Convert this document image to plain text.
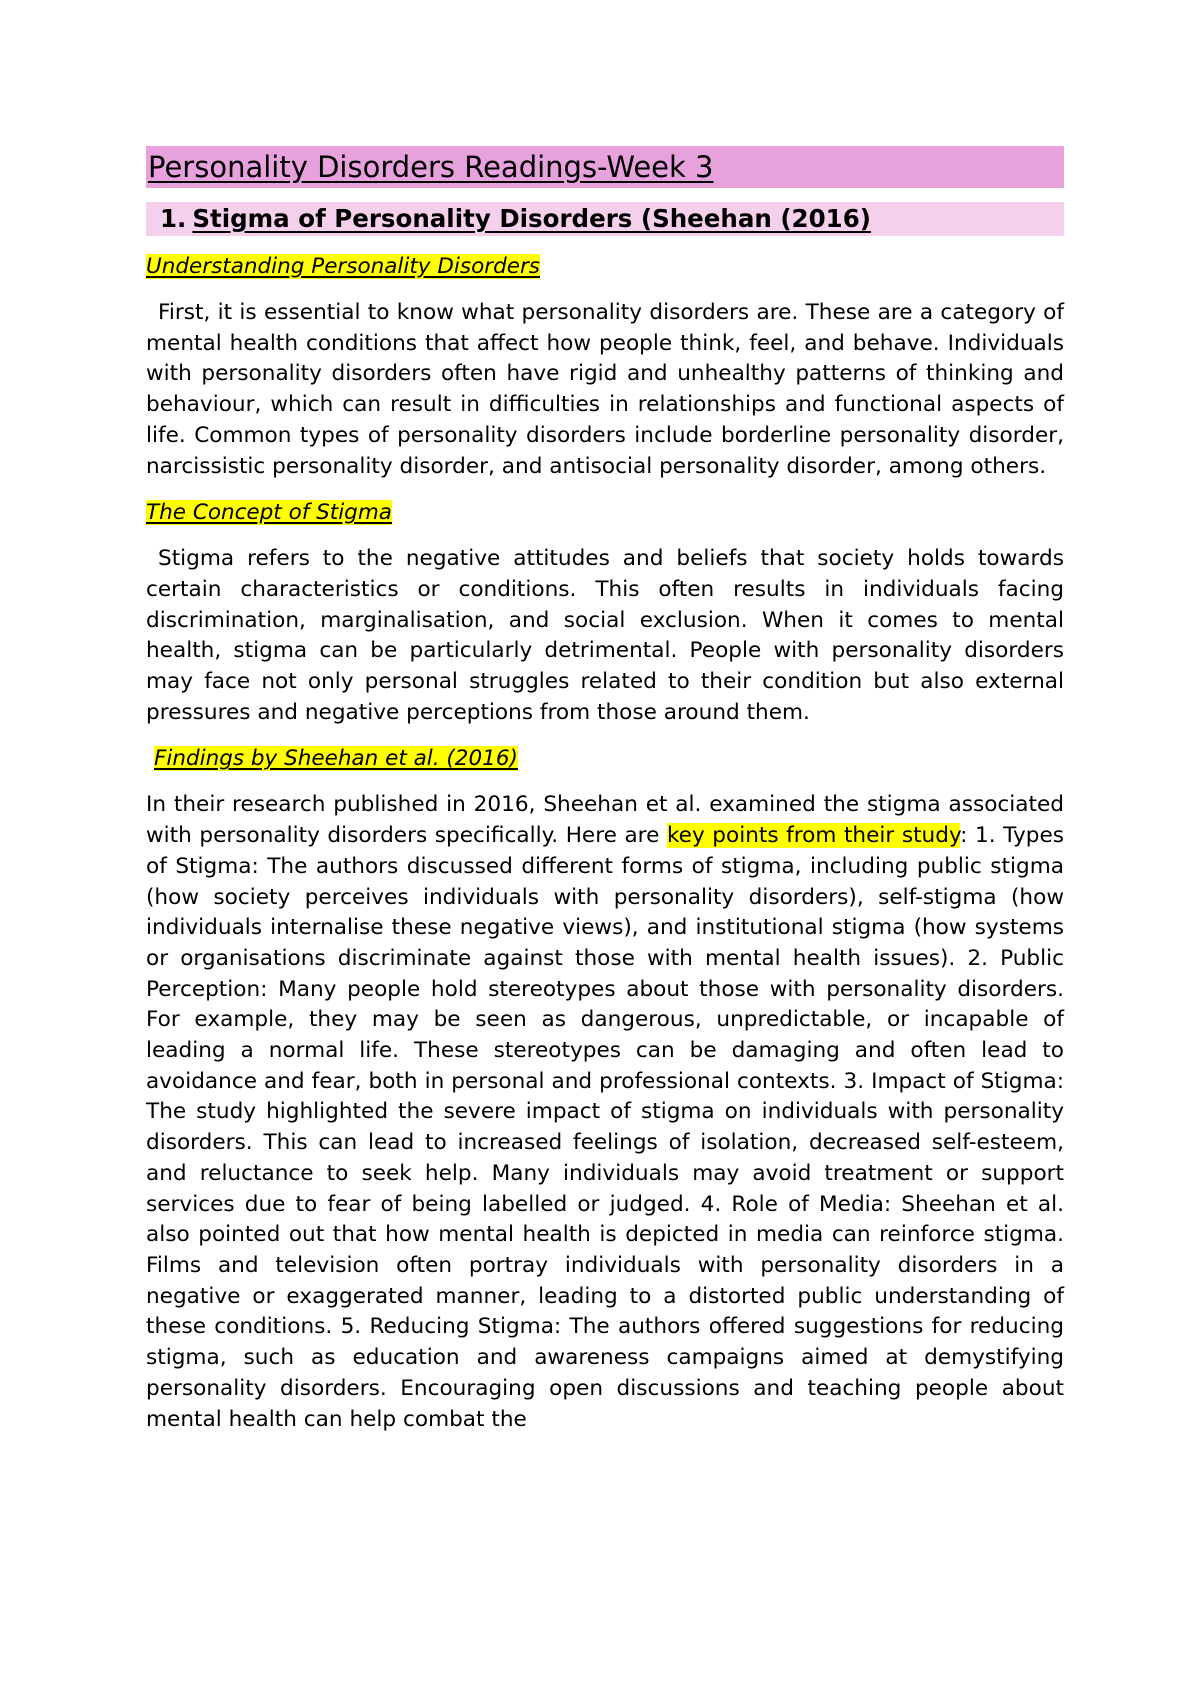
Personality Disorders Readings-Week 3
1. Stigma of Personality Disorders (Sheehan (2016)
Understanding Personality Disorders
First, it is essential to know what personality disorders are. These are a category of mental health conditions that affect how people think, feel, and behave. Individuals with personality disorders often have rigid and unhealthy patterns of thinking and behaviour, which can result in difficulties in relationships and functional aspects of life. Common types of personality disorders include borderline personality disorder, narcissistic personality disorder, and antisocial personality disorder, among others.
The Concept of Stigma
Stigma refers to the negative attitudes and beliefs that society holds towards certain characteristics or conditions. This often results in individuals facing discrimination, marginalisation, and social exclusion. When it comes to mental health, stigma can be particularly detrimental. People with personality disorders may face not only personal struggles related to their condition but also external pressures and negative perceptions from those around them.
Findings by Sheehan et al. (2016)
In their research published in 2016, Sheehan et al. examined the stigma associated with personality disorders specifically. Here are key points from their study: 1. Types of Stigma: The authors discussed different forms of stigma, including public stigma (how society perceives individuals with personality disorders), self-stigma (how individuals internalise these negative views), and institutional stigma (how systems or organisations discriminate against those with mental health issues). 2. Public Perception: Many people hold stereotypes about those with personality disorders. For example, they may be seen as dangerous, unpredictable, or incapable of leading a normal life. These stereotypes can be damaging and often lead to avoidance and fear, both in personal and professional contexts. 3. Impact of Stigma: The study highlighted the severe impact of stigma on individuals with personality disorders. This can lead to increased feelings of isolation, decreased self-esteem, and reluctance to seek help. Many individuals may avoid treatment or support services due to fear of being labelled or judged. 4. Role of Media: Sheehan et al. also pointed out that how mental health is depicted in media can reinforce stigma. Films and television often portray individuals with personality disorders in a negative or exaggerated manner, leading to a distorted public understanding of these conditions. 5. Reducing Stigma: The authors offered suggestions for reducing stigma, such as education and awareness campaigns aimed at demystifying personality disorders. Encouraging open discussions and teaching people about mental health can help combat the
